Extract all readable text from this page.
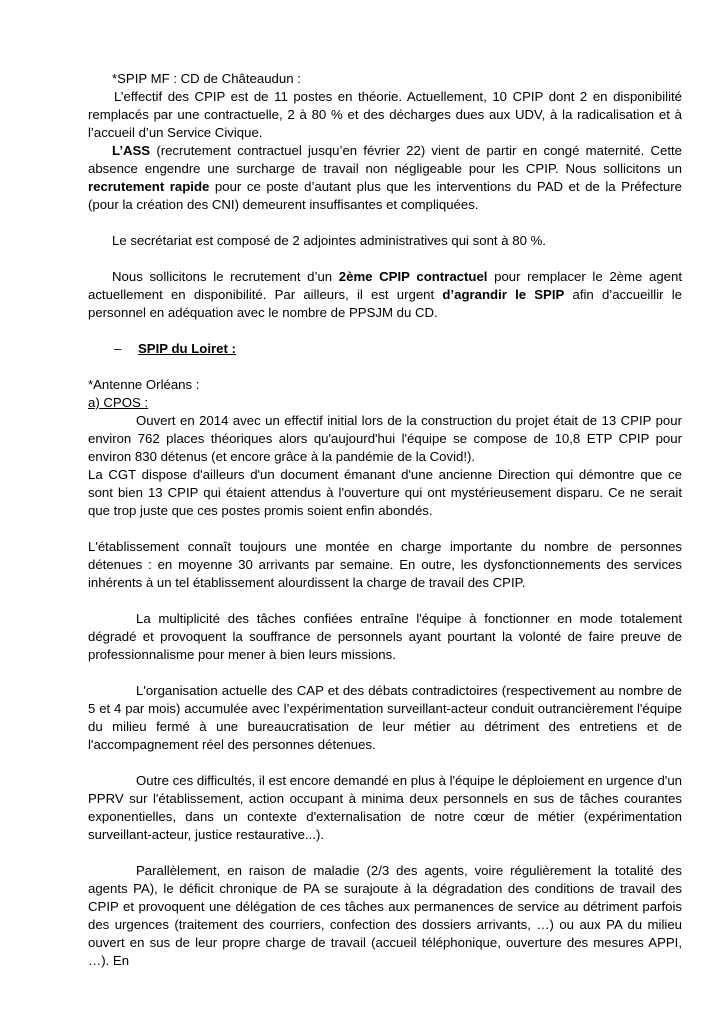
*SPIP MF : CD de Châteaudun :

L’effectif des CPIP est de 11 postes en théorie. Actuellement, 10 CPIP dont 2 en disponibilité remplacés par une contractuelle, 2 à 80 % et des décharges dues aux UDV, à la radicalisation et à l’accueil d’un Service Civique.

L’ASS (recrutement contractuel jusqu’en février 22) vient de partir en congé maternité. Cette absence engendre une surcharge de travail non négligeable pour les CPIP. Nous sollicitons un recrutement rapide pour ce poste d’autant plus que les interventions du PAD et de la Préfecture (pour la création des CNI) demeurent insuffisantes et compliquées.

Le secrétariat est composé de 2 adjointes administratives qui sont à 80 %.

Nous sollicitons le recrutement d’un 2ème CPIP contractuel pour remplacer le 2ème agent actuellement en disponibilité. Par ailleurs, il est urgent d’agrandir le SPIP afin d’accueillir le personnel en adéquation avec le nombre de PPSJM du CD.

– SPIP du Loiret :

*Antenne Orléans :

a) CPOS :

Ouvert en 2014 avec un effectif initial lors de la construction du projet était de 13 CPIP pour environ 762 places théoriques alors qu'aujourd'hui l'équipe se compose de 10,8 ETP CPIP pour environ 830 détenus (et encore grâce à la pandémie de la Covid!).

La CGT dispose d'ailleurs d'un document émanant d'une ancienne Direction qui démontre que ce sont bien 13 CPIP qui étaient attendus à l'ouverture qui ont mystérieusement disparu. Ce ne serait que trop juste que ces postes promis soient enfin abondés.

L'établissement connaît toujours une montée en charge importante du nombre de personnes détenues : en moyenne 30 arrivants par semaine. En outre, les dysfonctionnements des services inhérents à un tel établissement alourdissent la charge de travail des CPIP.

La multiplicité des tâches confiées entraîne l'équipe à fonctionner en mode totalement dégradé et provoquent la souffrance de personnels ayant pourtant la volonté de faire preuve de professionnalisme pour mener à bien leurs missions.

L'organisation actuelle des CAP et des débats contradictoires (respectivement au nombre de 5 et 4 par mois) accumulée avec l’expérimentation surveillant-acteur conduit outrancièrement l'équipe du milieu fermé à une bureaucratisation de leur métier au détriment des entretiens et de l'accompagnement réel des personnes détenues.

Outre ces difficultés, il est encore demandé en plus à l'équipe le déploiement en urgence d'un PPRV sur l'établissement, action occupant à minima deux personnels en sus de tâches courantes exponentielles, dans un contexte d'externalisation de notre cœur de métier (expérimentation surveillant-acteur, justice restaurative...).

Parallèlement, en raison de maladie (2/3 des agents, voire régulièrement la totalité des agents PA), le déficit chronique de PA se surajoute à la dégradation des conditions de travail des CPIP et provoquent une délégation de ces tâches aux permanences de service au détriment parfois des urgences (traitement des courriers, confection des dossiers arrivants, …) ou aux PA du milieu ouvert en sus de leur propre charge de travail (accueil téléphonique, ouverture des mesures APPI, …). En
